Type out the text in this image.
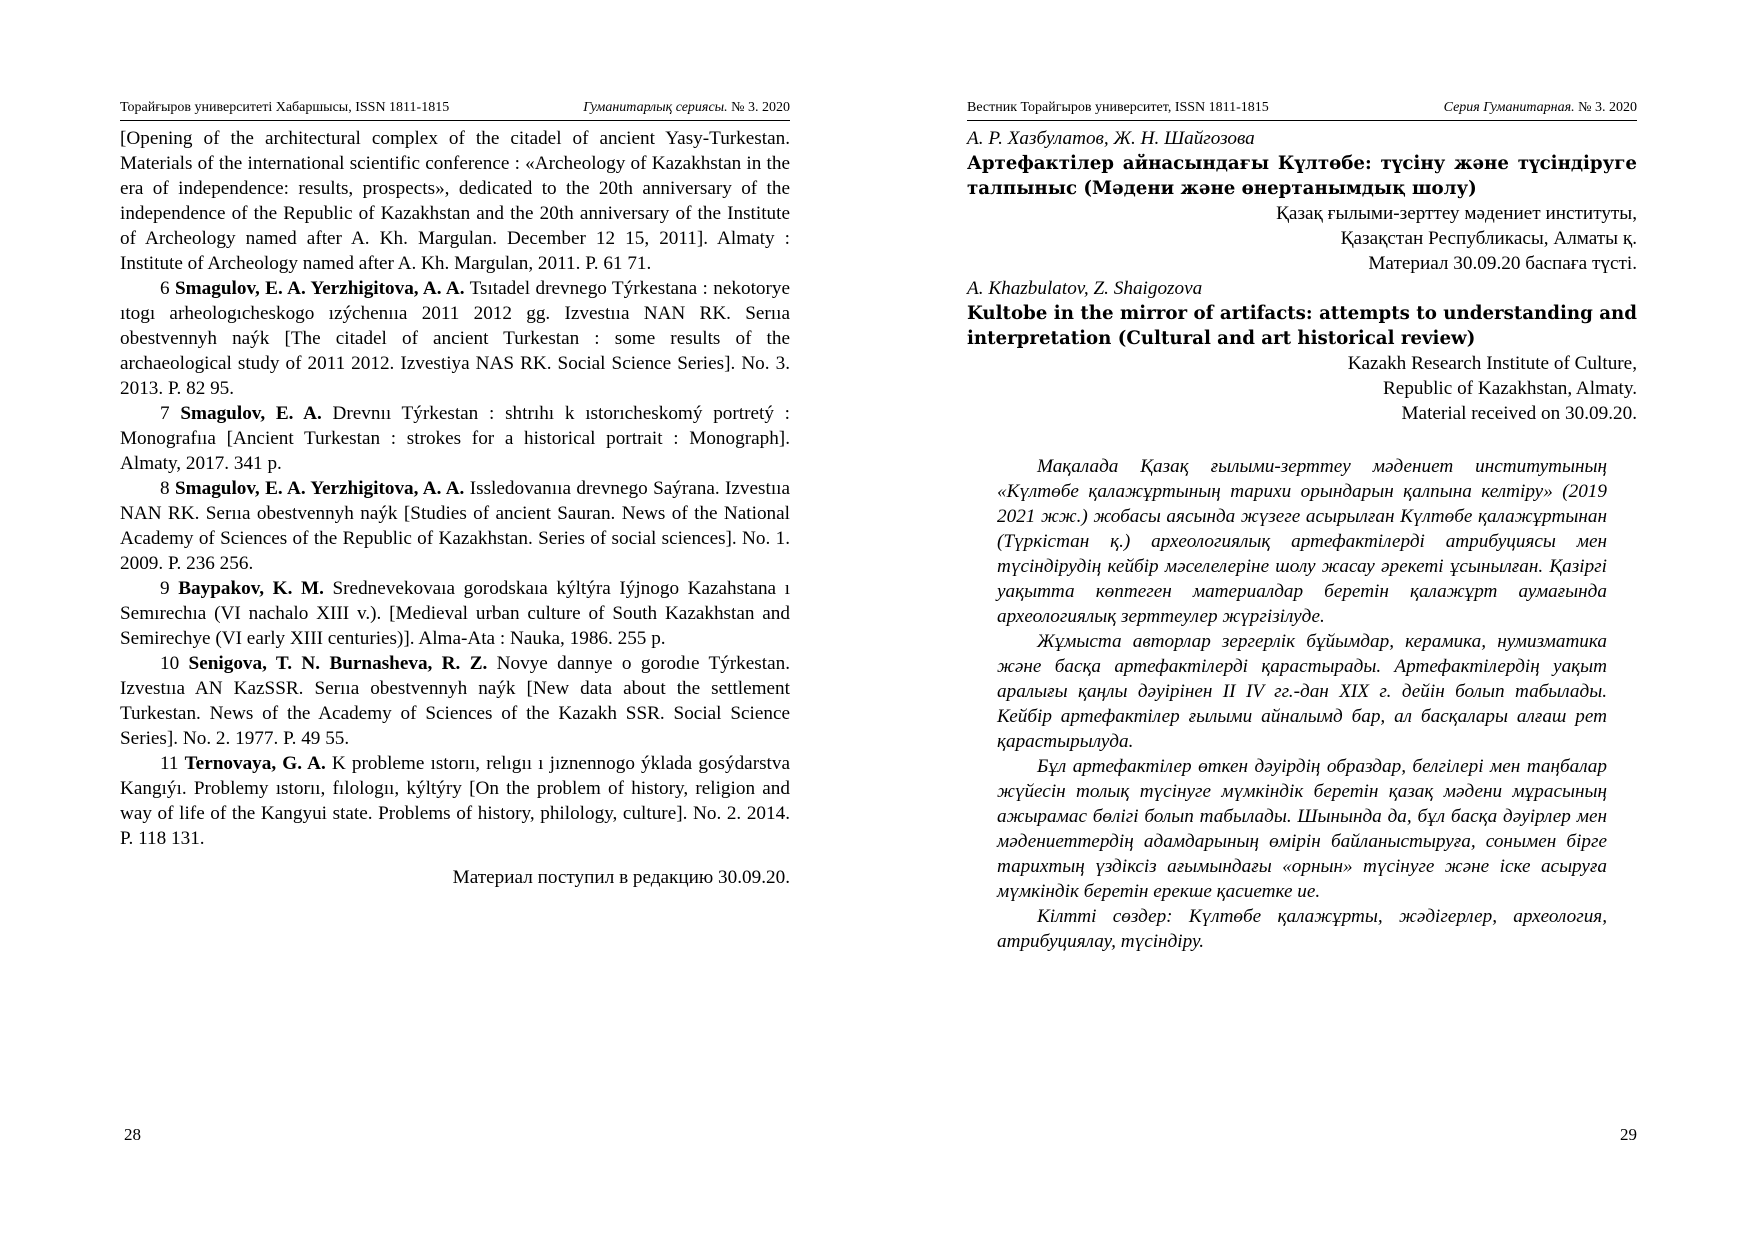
Торайғыров университеті Хабаршысы, ISSN 1811-1815	Гуманитарлық сериясы. № 3. 2020

[Opening of the architectural complex of the citadel of ancient Yasy-Turkestan. Materials of the international scientific conference : «Archeology of Kazakhstan in the era of independence: results, prospects», dedicated to the 20th anniversary of the independence of the Republic of Kazakhstan and the 20th anniversary of the Institute of Archeology named after A. Kh. Margulan. December 12 15, 2011]. Almaty : Institute of Archeology named after A. Kh. Margulan, 2011. P. 61 71.

6 Smagulov, E. A. Yerzhigitova, A. A. Tsıtadel drevnego Týrkestana : nekotorye ıtogı arheologıcheskogo ızýchenııa 2011 2012 gg. Izvestııa NAN RK. Serııa obestvennyh naýk [The citadel of ancient Turkestan : some results of the archaeological study of 2011 2012. Izvestiya NAS RK. Social Science Series]. No. 3. 2013. P. 82 95.

7 Smagulov, E. A. Drevnıı Týrkestan : shtrıhı k ıstorıcheskomý portretý : Monografııa [Ancient Turkestan : strokes for a historical portrait : Monograph]. Almaty, 2017. 341 p.

8 Smagulov, E. A. Yerzhigitova, A. A. Issledovanııa drevnego Saýrana. Izvestııa NAN RK. Serııa obestvennyh naýk [Studies of ancient Sauran. News of the National Academy of Sciences of the Republic of Kazakhstan. Series of social sciences]. No. 1. 2009. P. 236 256.

9 Baypakov, K. M. Srednevekovaıa gorodskaıa kýltýra Iýjnogo Kazahstana ı Semırechıa (VI nachalo XIII v.). [Medieval urban culture of South Kazakhstan and Semirechye (VI early XIII centuries)]. Alma-Ata : Nauka, 1986. 255 p.

10 Senigova, T. N. Burnasheva, R. Z. Novye dannye o gorodıe Týrkestan. Izvestııa AN KazSSR. Serııa obestvennyh naýk [New data about the settlement Turkestan. News of the Academy of Sciences of the Kazakh SSR. Social Science Series]. No. 2. 1977. P. 49 55.

11 Ternovaya, G. A. K probleme ıstorıı, relıgıı ı jıznennogo ýklada gosýdarstva Kangıýı. Problemy ıstorıı, fılologıı, kýltýry [On the problem of history, religion and way of life of the Kangyui state. Problems of history, philology, culture]. No. 2. 2014. P. 118 131.

Материал поступил в редакцию 30.09.20.

28
Вестник Торайгыров университет, ISSN 1811-1815	Серия Гуманитарная. № 3. 2020

А. Р. Хазбулатов, Ж. Н. Шайгозова

Артефактілер айнасындағы Күлтөбе: түсіну және түсіндіруге талпыныс (Мәдени және өнертанымдық шолу)

Қазақ ғылыми-зерттеу мәдениет институты,

Қазақстан Республикасы, Алматы қ.

Материал 30.09.20 баспаға түсті.

A. Khazbulatov, Z. Shaigozova

Kultobe in the mirror of artifacts: attempts to understanding and interpretation (Cultural and art historical review)

Kazakh Research Institute of Culture,

Republic of Kazakhstan, Almaty.

Material received on 30.09.20.

Мақалада Қазақ ғылыми-зерттеу мәдениет институтының «Күлтөбе қалажұртының тарихи орындарын қалпына келтіру» (2019 2021 жж.) жобасы аясында жүзеге асырылған Күлтөбе қалажұртынан (Түркістан қ.) археологиялық артефактілерді атрибуциясы мен түсіндірудің кейбір мәселелеріне шолу жасау әрекеті ұсынылған. Қазіргі уақытта көптеген материалдар беретін қалажұрт аумағында археологиялық зерттеулер жүргізілуде.

Жұмыста авторлар зергерлік бұйымдар, керамика, нумизматика және басқа артефактілерді қарастырады. Артефактілердің уақыт аралығы қаңлы дәуірінен II IV гг.-дан XIX г. дейін болып табылады. Кейбір артефактілер ғылыми айналымд бар, ал басқалары алғаш рет қарастырылуда.

Бұл артефактілер өткен дәуірдің образдар, белгілері мен таңбалар жүйесін толық түсінуге мүмкіндік беретін қазақ мәдени мұрасының ажырамас бөлігі болып табылады. Шынында да, бұл басқа дәуірлер мен мәдениеттердің адамдарының өмірін байланыстыруға, сонымен бірге тарихтың үздіксіз ағымындағы «орнын» түсінуге және іске асыруға мүмкіндік беретін ерекше қасиетке ие.

Кілтті сөздер: Күлтөбе қалажұрты, жәдігерлер, археология, атрибуциялау, түсіндіру.

29
